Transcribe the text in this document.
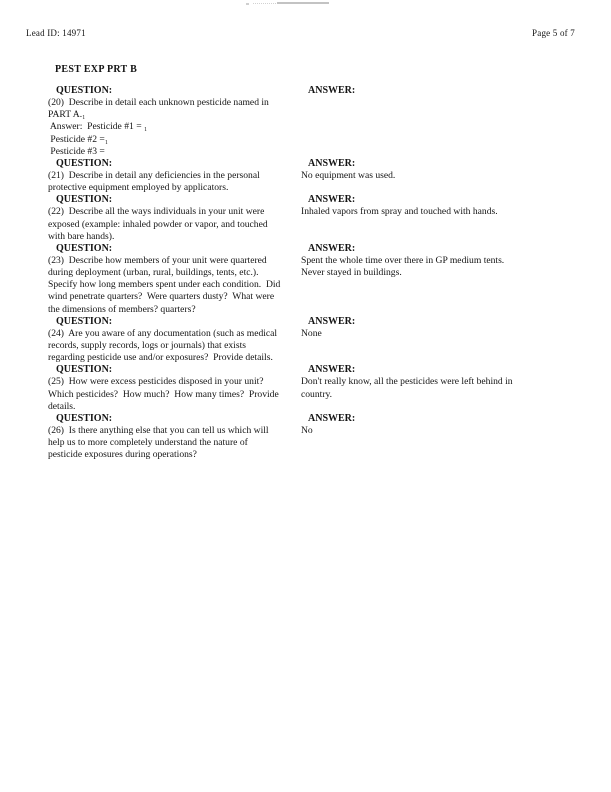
Lead ID: 14971	Page 5 of 7
PEST EXP PRT B
QUESTION:
(20)  Describe in detail each unknown pesticide named in
PART A.₁
Answer:  Pesticide #1 = ₁
Pesticide #2 =₁
Pesticide #3 =
ANSWER:
QUESTION:
(21)  Describe in detail any deficiencies in the personal
protective equipment employed by applicators.
ANSWER:
No equipment was used.
QUESTION:
(22)  Describe all the ways individuals in your unit were
exposed (example: inhaled powder or vapor, and touched
with bare hands).
ANSWER:
Inhaled vapors from spray and touched with hands.
QUESTION:
(23)  Describe how members of your unit were quartered
during deployment (urban, rural, buildings, tents, etc.).
Specify how long members spent under each condition.  Did
wind penetrate quarters?  Were quarters dusty?  What were
the dimensions of members? quarters?
ANSWER:
Spent the whole time over there in GP medium tents.
Never stayed in buildings.
QUESTION:
(24)  Are you aware of any documentation (such as medical
records, supply records, logs or journals) that exists
regarding pesticide use and/or exposures?  Provide details.
ANSWER:
None
QUESTION:
(25)  How were excess pesticides disposed in your unit?
Which pesticides?  How much?  How many times?  Provide
details.
ANSWER:
Don't really know, all the pesticides were left behind in
country.
QUESTION:
(26)  Is there anything else that you can tell us which will
help us to more completely understand the nature of
pesticide exposures during operations?
ANSWER:
No
